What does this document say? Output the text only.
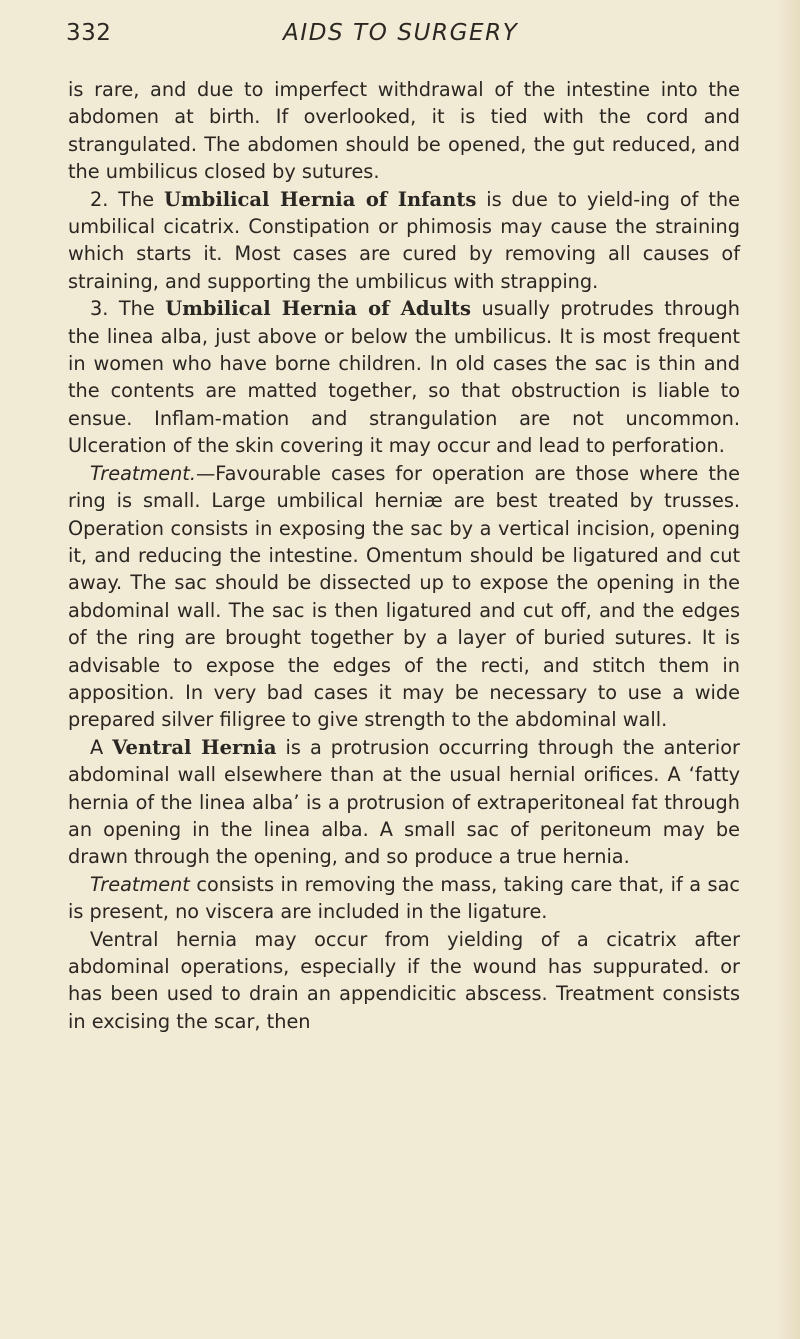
332	AIDS TO SURGERY

is rare, and due to imperfect withdrawal of the intestine into the abdomen at birth. If overlooked, it is tied with the cord and strangulated. The abdomen should be opened, the gut reduced, and the umbilicus closed by sutures.

2. The Umbilical Hernia of Infants is due to yield-ing of the umbilical cicatrix. Constipation or phimosis may cause the straining which starts it. Most cases are cured by removing all causes of straining, and supporting the umbilicus with strapping.

3. The Umbilical Hernia of Adults usually protrudes through the linea alba, just above or below the umbilicus. It is most frequent in women who have borne children. In old cases the sac is thin and the contents are matted together, so that obstruction is liable to ensue. Inflam-mation and strangulation are not uncommon. Ulceration of the skin covering it may occur and lead to perforation.

Treatment.—Favourable cases for operation are those where the ring is small. Large umbilical herniæ are best treated by trusses. Operation consists in exposing the sac by a vertical incision, opening it, and reducing the intestine. Omentum should be ligatured and cut away. The sac should be dissected up to expose the opening in the abdominal wall. The sac is then ligatured and cut off, and the edges of the ring are brought together by a layer of buried sutures. It is advisable to expose the edges of the recti, and stitch them in apposition. In very bad cases it may be necessary to use a wide prepared silver filigree to give strength to the abdominal wall.

A Ventral Hernia is a protrusion occurring through the anterior abdominal wall elsewhere than at the usual hernial orifices. A ‘fatty hernia of the linea alba’ is a protrusion of extraperitoneal fat through an opening in the linea alba. A small sac of peritoneum may be drawn through the opening, and so produce a true hernia.

Treatment consists in removing the mass, taking care that, if a sac is present, no viscera are included in the ligature.

Ventral hernia may occur from yielding of a cicatrix after abdominal operations, especially if the wound has suppurated. or has been used to drain an appendicitic abscess. Treatment consists in excising the scar, then
